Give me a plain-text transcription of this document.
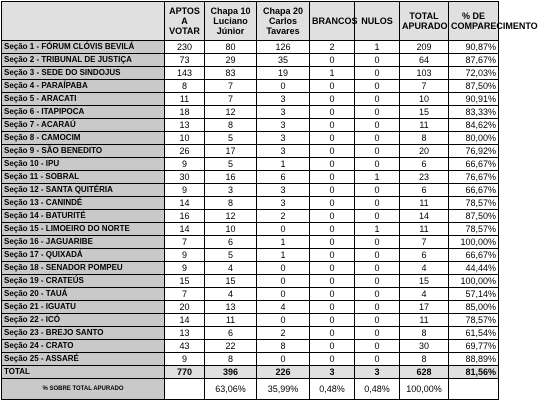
	APTOS A VOTAR	Chapa 10 Luciano Júnior	Chapa 20 Carlos Tavares	BRANCOS	NULOS	TOTAL APURADO	% DE COMPARECIMENTO
Seção 1 - FÓRUM CLÓVIS BEVILÁ	230	80	126	2	1	209	90,87%
Seção 2 - TRIBUNAL DE JUSTIÇA	73	29	35	0	0	64	87,67%
Seção 3 - SEDE DO SINDOJUS	143	83	19	1	0	103	72,03%
Seção 4 - PARAÍPABA	8	7	0	0	0	7	87,50%
Seção 5 - ARACATI	11	7	3	0	0	10	90,91%
Seção 6 - ITAPIPOCA	18	12	3	0	0	15	83,33%
Seção 7 - ACARAÚ	13	8	3	0	0	11	84,62%
Seção 8 - CAMOCIM	10	5	3	0	0	8	80,00%
Seção 9 - SÃO BENEDITO	26	17	3	0	0	20	76,92%
Seção 10 - IPU	9	5	1	0	0	6	66,67%
Seção 11 - SOBRAL	30	16	6	0	1	23	76,67%
Seção 12 - SANTA QUITÉRIA	9	3	3	0	0	6	66,67%
Seção 13 - CANINDÉ	14	8	3	0	0	11	78,57%
Seção 14 - BATURITÉ	16	12	2	0	0	14	87,50%
Seção 15 - LIMOEIRO DO NORTE	14	10	0	0	1	11	78,57%
Seção 16 - JAGUARIBE	7	6	1	0	0	7	100,00%
Seção 17 - QUIXADÁ	9	5	1	0	0	6	66,67%
Seção 18 - SENADOR POMPEU	9	4	0	0	0	4	44,44%
Seção 19 - CRATEÚS	15	15	0	0	0	15	100,00%
Seção 20 - TAUÁ	7	4	0	0	0	4	57,14%
Seção 21 - IGUATU	20	13	4	0	0	17	85,00%
Seção 22 - ICÓ	14	11	0	0	0	11	78,57%
Seção 23 - BREJO SANTO	13	6	2	0	0	8	61,54%
Seção 24 - CRATO	43	22	8	0	0	30	69,77%
Seção 25 - ASSARÉ	9	8	0	0	0	8	88,89%
TOTAL	770	396	226	3	3	628	81,56%
% SOBRE TOTAL APURADO		63,06%	35,99%	0,48%	0,48%	100,00%	
